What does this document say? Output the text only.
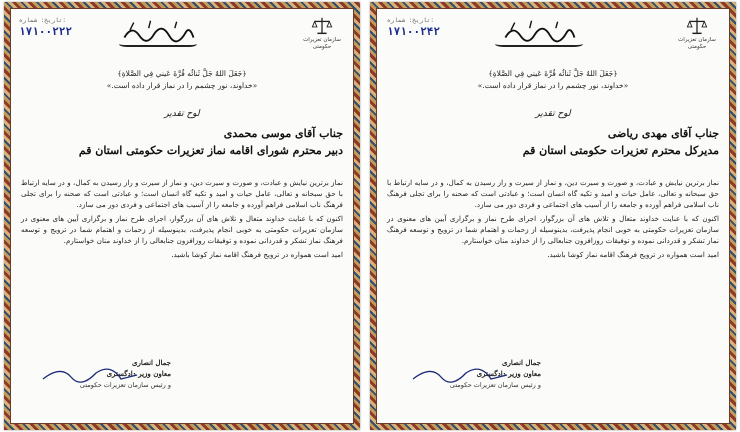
تاریخ: شماره:
۱۷۱۰۰۲۲۲
سازمان تعزیرات حکومتی
﴿جَعَلَ اللهُ جَلَّ ثَنائُه قُرَّةَ عَيني فِي الصَّلاةِ﴾
«خداوند، نور چشمم را در نماز قرار داده است.»
لوح تقدیر
جناب آقای موسی محمدی
دبیر محترم شورای اقامه نماز تعزیرات حکومتی استان قم

نماز برترین نیایش و عبادت، و صورت و سیرت دین، و نماز از سیرت و راز رسیدن به کمال، و در سایه ارتباط با حق سبحانه و تعالی، عامل حیات و امید و تکیه گاه انسان است؛ و عبادتی است که صحنه را برای تجلی فرهنگ ناب اسلامی فراهم آورده و جامعه را از آسیب های اجتماعی و فردی دور می سازد.

اکنون که با عنایت خداوند متعال و تلاش های آن بزرگوار، اجرای طرح نماز و برگزاری آیین های معنوی در سازمان تعزیرات حکومتی به خوبی انجام پذیرفت، بدینوسیله از زحمات و اهتمام شما در ترویج و توسعه فرهنگ نماز تشکر و قدردانی نموده و توفیقات روزافزون جنابعالی را از خداوند منان خواستارم.

امید است همواره در ترویج فرهنگ اقامه نماز کوشا باشید.

جمال انصاری
معاون وزیر دادگستری
و رئیس سازمان تعزیرات حکومتی
تاریخ: شماره:
۱۷۱۰۰۲۴۲
سازمان تعزیرات حکومتی
﴿جَعَلَ اللهُ جَلَّ ثَنائُه قُرَّةَ عَيني فِي الصَّلاةِ﴾
«خداوند، نور چشمم را در نماز قرار داده است.»
لوح تقدیر
جناب آقای مهدی ریاضی
مدیرکل محترم تعزیرات حکومتی استان قم

نماز برترین نیایش و عبادت، و صورت و سیرت دین، و نماز از سیرت و راز رسیدن به کمال، و در سایه ارتباط با حق سبحانه و تعالی، عامل حیات و امید و تکیه گاه انسان است؛ و عبادتی است که صحنه را برای تجلی فرهنگ ناب اسلامی فراهم آورده و جامعه را از آسیب های اجتماعی و فردی دور می سازد.

اکنون که با عنایت خداوند متعال و تلاش های آن بزرگوار، اجرای طرح نماز و برگزاری آیین های معنوی در سازمان تعزیرات حکومتی به خوبی انجام پذیرفت، بدینوسیله از زحمات و اهتمام شما در ترویج و توسعه فرهنگ نماز تشکر و قدردانی نموده و توفیقات روزافزون جنابعالی را از خداوند منان خواستارم.

امید است همواره در ترویج فرهنگ اقامه نماز کوشا باشید.

جمال انصاری
معاون وزیر دادگستری
و رئیس سازمان تعزیرات حکومتی
